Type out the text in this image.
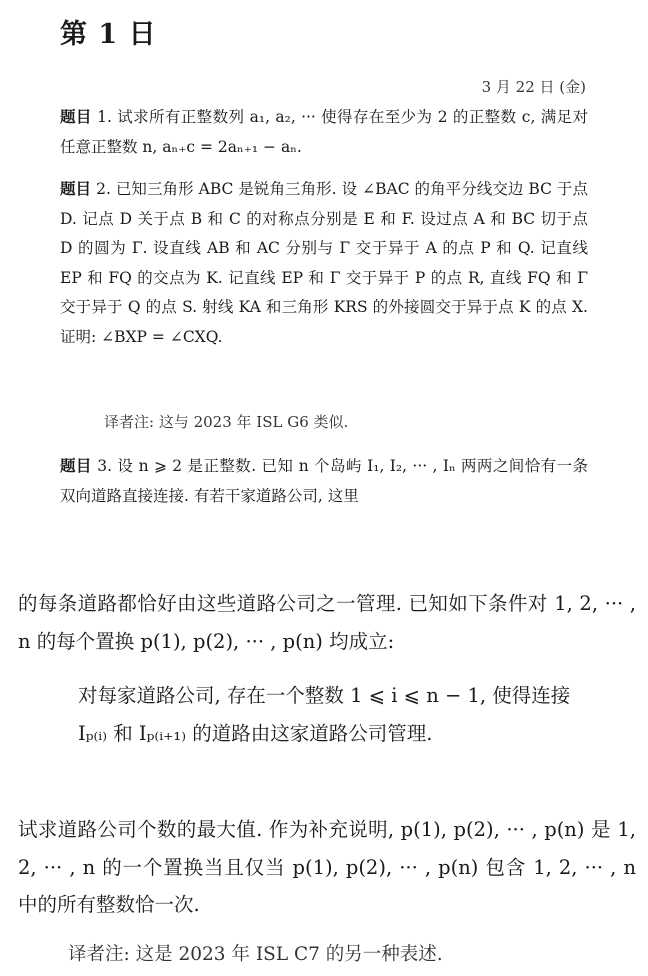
第 1 日
3 月 22 日 (金)
题目 1. 试求所有正整数列 a₁, a₂, ··· 使得存在至少为 2 的正整数 c, 满足对任意正整数 n, aₙ₊c = 2aₙ₊₁ − aₙ.
题目 2. 已知三角形 ABC 是锐角三角形. 设 ∠BAC 的角平分线交边 BC 于点 D. 记点 D 关于点 B 和 C 的对称点分别是 E 和 F. 设过点 A 和 BC 切于点 D 的圆为 Γ. 设直线 AB 和 AC 分别与 Γ 交于异于 A 的点 P 和 Q. 记直线 EP 和 FQ 的交点为 K. 记直线 EP 和 Γ 交于异于 P 的点 R, 直线 FQ 和 Γ 交于异于 Q 的点 S. 射线 KA 和三角形 KRS 的外接圆交于异于点 K 的点 X. 证明: ∠BXP = ∠CXQ.
译者注: 这与 2023 年 ISL G6 类似.
题目 3. 设 n ⩾ 2 是正整数. 已知 n 个岛屿 I₁, I₂, ··· , Iₙ 两两之间恰有一条双向道路直接连接. 有若干家道路公司, 这里
的每条道路都恰好由这些道路公司之一管理. 已知如下条件对 1, 2, ··· , n 的每个置换 p(1), p(2), ··· , p(n) 均成立:
对每家道路公司, 存在一个整数 1 ⩽ i ⩽ n − 1, 使得连接 Iₚ₍ᵢ₎ 和 Iₚ₍ᵢ₊₁₎ 的道路由这家道路公司管理.
试求道路公司个数的最大值. 作为补充说明, p(1), p(2), ··· , p(n) 是 1, 2, ··· , n 的一个置换当且仅当 p(1), p(2), ··· , p(n) 包含 1, 2, ··· , n 中的所有整数恰一次.
译者注: 这是 2023 年 ISL C7 的另一种表述.
